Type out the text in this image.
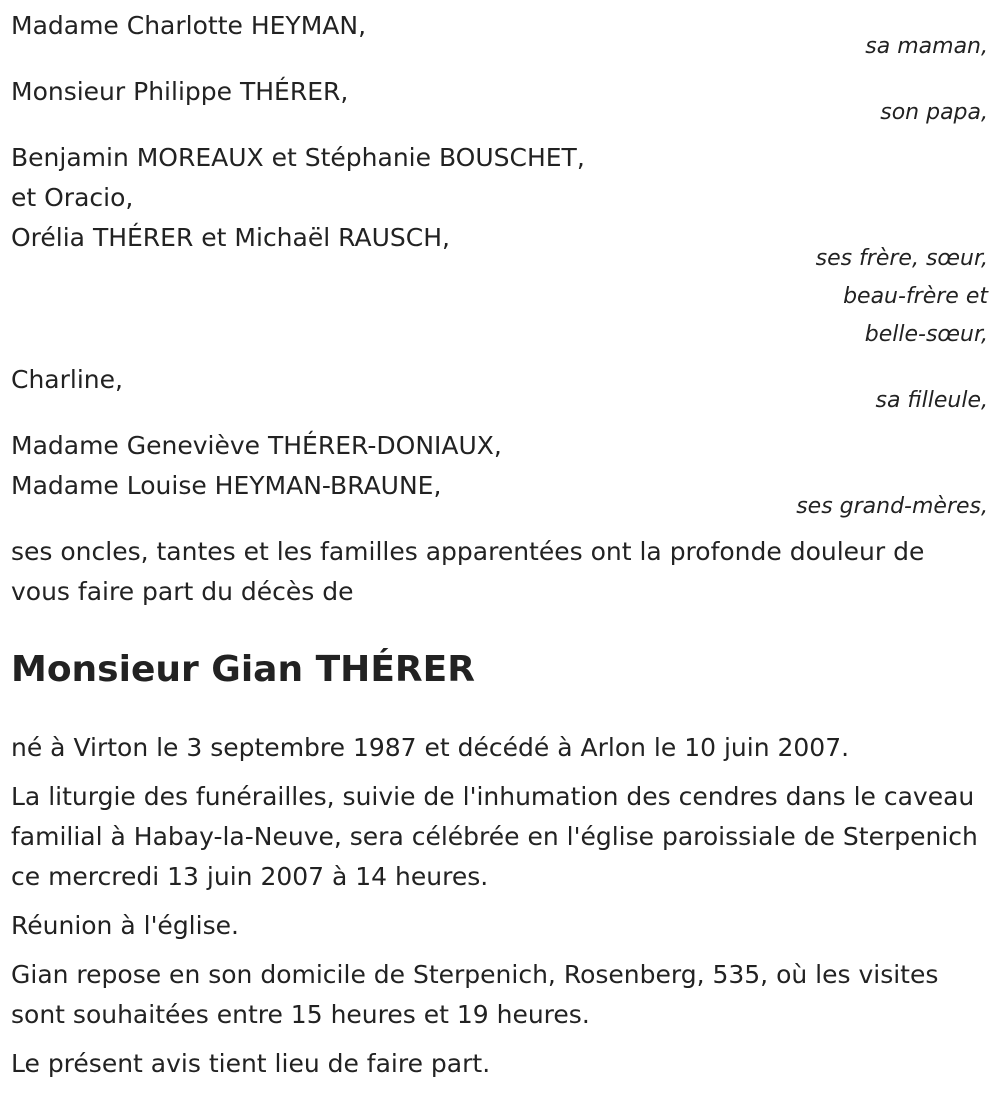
Madame Charlotte HEYMAN,
sa maman,
Monsieur Philippe THÉRER,
son papa,
Benjamin MOREAUX et Stéphanie BOUSCHET,
et Oracio,
Orélia THÉRER et Michaël RAUSCH,
ses frère, sœur,
beau-frère et
belle-sœur,
Charline,
sa filleule,
Madame Geneviève THÉRER-DONIAUX,
Madame Louise HEYMAN-BRAUNE,
ses grand-mères,
ses oncles, tantes et les familles apparentées ont la profonde douleur de vous faire part du décès de
Monsieur Gian THÉRER

né à Virton le 3 septembre 1987 et décédé à Arlon le 10 juin 2007.

La liturgie des funérailles, suivie de l'inhumation des cendres dans le caveau familial à Habay-la-Neuve, sera célébrée en l'église paroissiale de Sterpenich ce mercredi 13 juin 2007 à 14 heures.

Réunion à l'église.

Gian repose en son domicile de Sterpenich, Rosenberg, 535, où les visites sont souhaitées entre 15 heures et 19 heures.

Le présent avis tient lieu de faire part.
